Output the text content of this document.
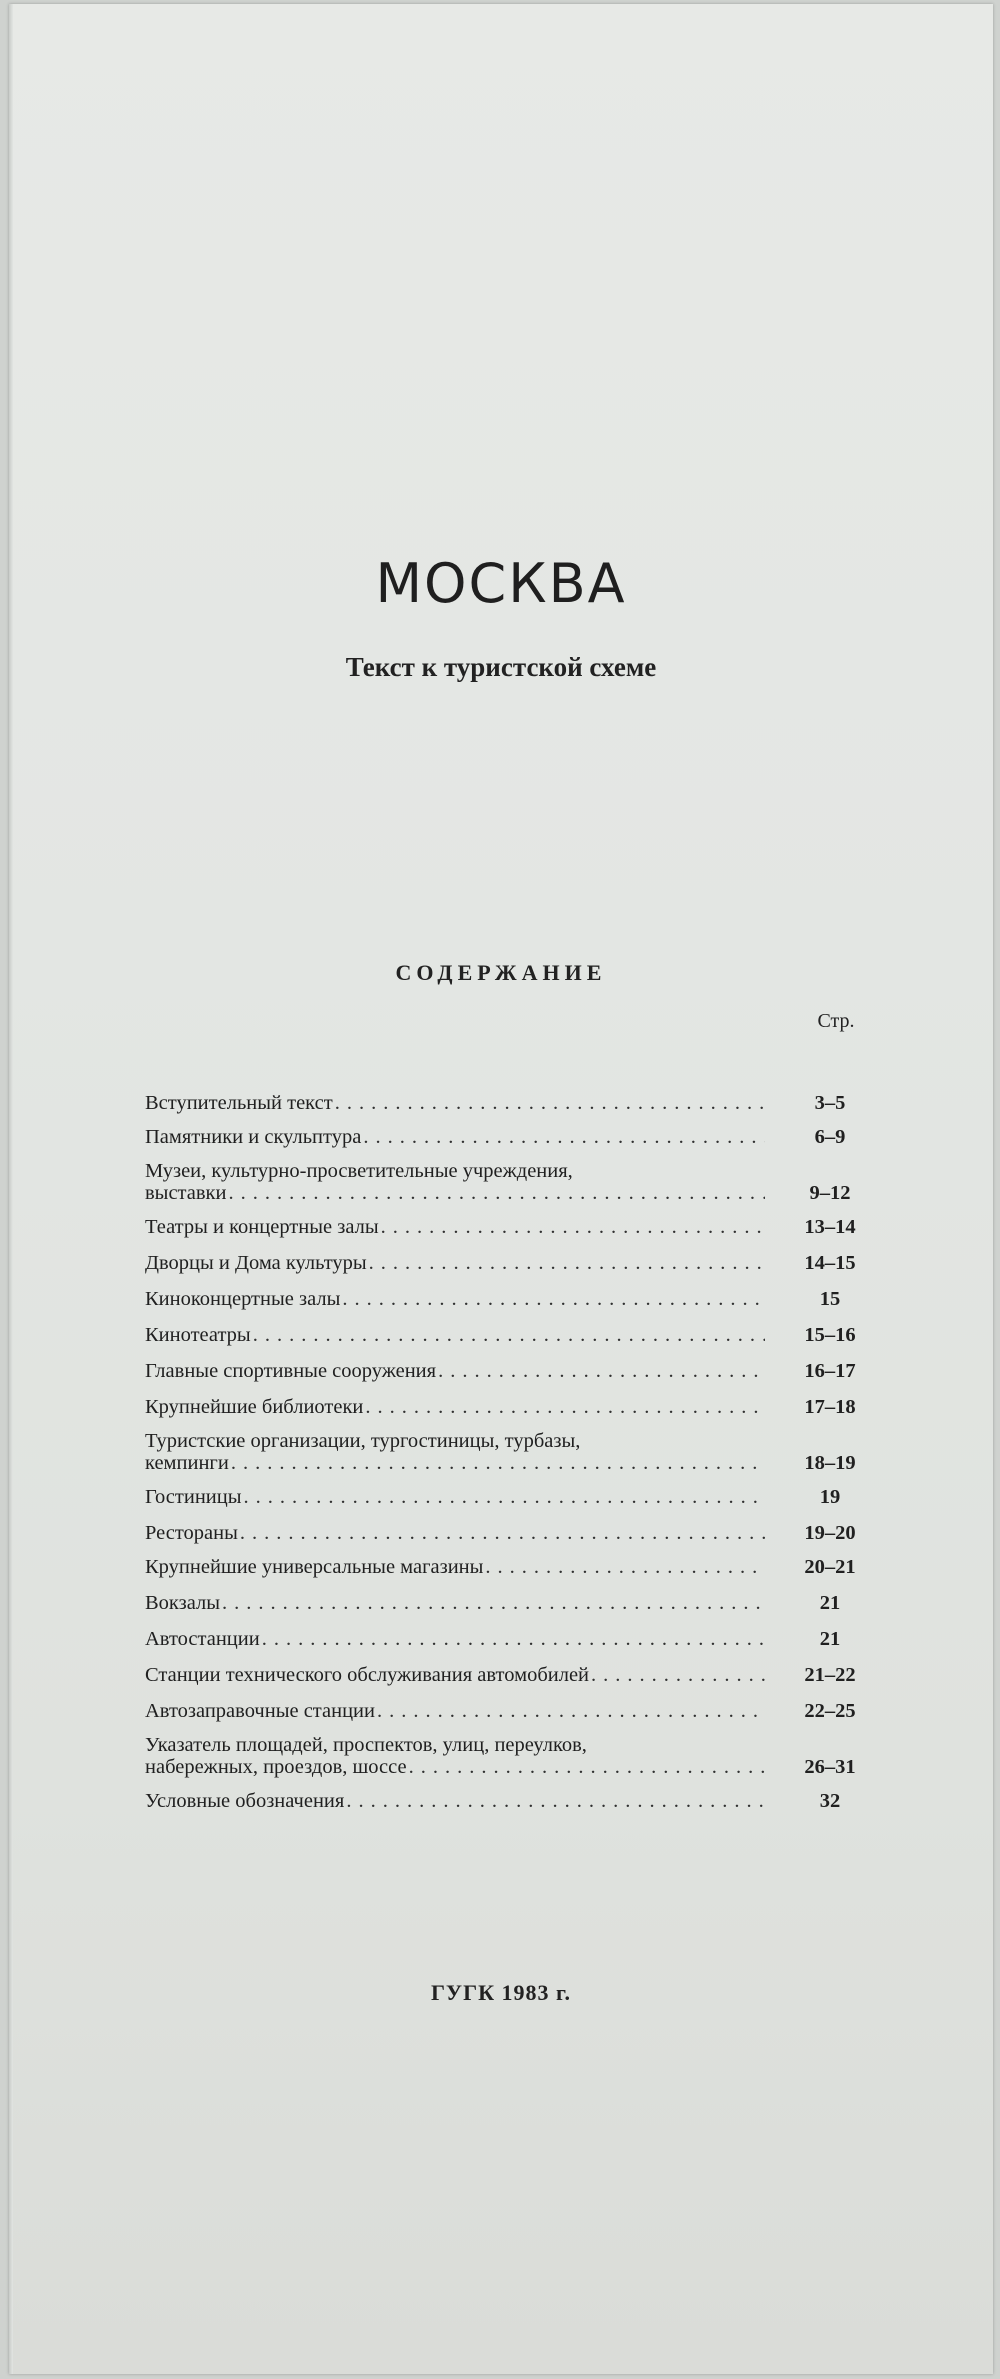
МОСКВА
Текст к туристской схеме
СОДЕРЖАНИЕ
Стр.
Вступительный текст .....	3–5
Памятники и скульптура .....	6–9
Музеи, культурно-просветительные учреждения,
выставки .....	9–12
Театры и концертные залы .....	13–14
Дворцы и Дома культуры .....	14–15
Киноконцертные залы .....	15
Кинотеатры .....	15–16
Главные спортивные сооружения .....	16–17
Крупнейшие библиотеки .....	17–18
Туристские организации, тургостиницы, турбазы,
кемпинги .....	18–19
Гостиницы .....	19
Рестораны .....	19–20
Крупнейшие универсальные магазины .....	20–21
Вокзалы .....	21
Автостанции .....	21
Станции технического обслуживания автомобилей .....	21–22
Автозаправочные станции .....	22–25
Указатель площадей, проспектов, улиц, переулков,
набережных, проездов, шоссе .....	26–31
Условные обозначения .....	32
ГУГК 1983 г.
